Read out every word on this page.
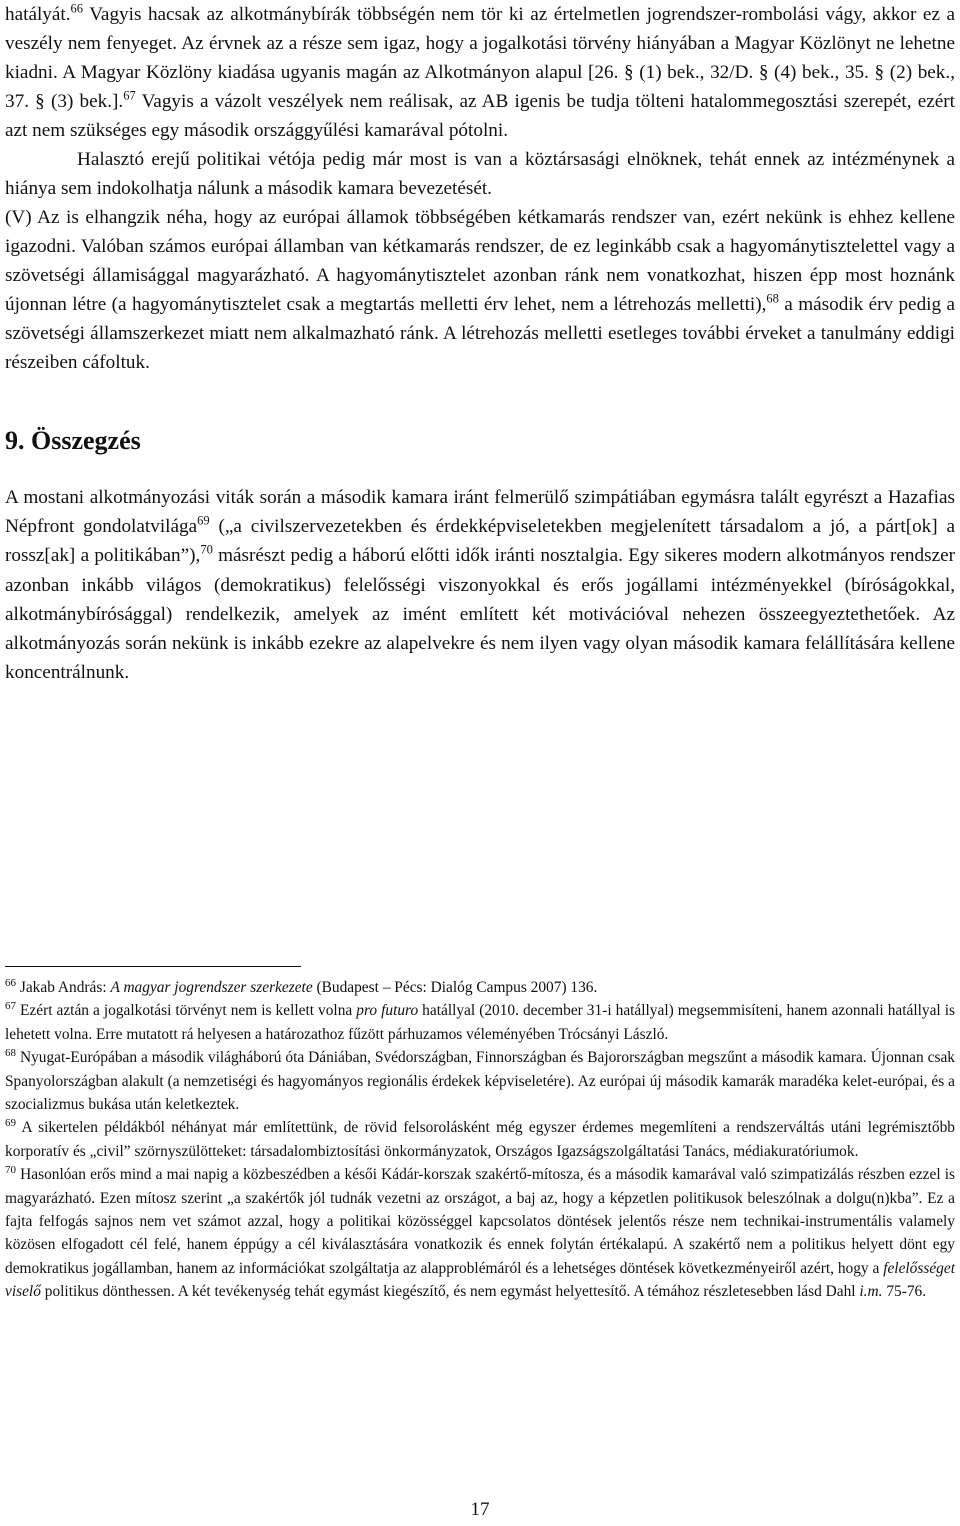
hatályát.$^{66}$ Vagyis hacsak az alkotmánybírák többségén nem tör ki az értelmetlen jogrendszer-rombolási vágy, akkor ez a veszély nem fenyeget. Az érvnek az a része sem igaz, hogy a jogalkotási törvény hiányában a Magyar Közlönyt ne lehetne kiadni. A Magyar Közlöny kiadása ugyanis magán az Alkotmányon alapul [26. § (1) bek., 32/D. § (4) bek., 35. § (2) bek., 37. § (3) bek.].$^{67}$ Vagyis a vázolt veszélyek nem reálisak, az AB igenis be tudja tölteni hatalommegosztási szerepét, ezért azt nem szükséges egy második országgyűlési kamarával pótolni.

Halasztó erejű politikai vétója pedig már most is van a köztársasági elnöknek, tehát ennek az intézménynek a hiánya sem indokolhatja nálunk a második kamara bevezetését.

(V) Az is elhangzik néha, hogy az európai államok többségében kétkamarás rendszer van, ezért nekünk is ehhez kellene igazodni. Valóban számos európai államban van kétkamarás rendszer, de ez leginkább csak a hagyománytisztelettel vagy a szövetségi államisággal magyarázható. A hagyománytisztelet azonban ránk nem vonatkozhat, hiszen épp most hoznánk újonnan létre (a hagyománytisztelet csak a megtartás melletti érv lehet, nem a létrehozás melletti),$^{68}$ a második érv pedig a szövetségi államszerkezet miatt nem alkalmazható ránk. A létrehozás melletti esetleges további érveket a tanulmány eddigi részeiben cáfoltuk.

9. Összegzés

A mostani alkotmányozási viták során a második kamara iránt felmerülő szimpátiában egymásra talált egyrészt a Hazafias Népfront gondolatvilága$^{69}$ („a civilszervezetekben és érdekképviseletekben megjelenített társadalom a jó, a párt[ok] a rossz[ak] a politikában”),$^{70}$ másrészt pedig a háború előtti idők iránti nosztalgia. Egy sikeres modern alkotmányos rendszer azonban inkább világos (demokratikus) felelősségi viszonyokkal és erős jogállami intézményekkel (bíróságokkal, alkotmánybírósággal) rendelkezik, amelyek az imént említett két motivációval nehezen összeegyeztethetőek. Az alkotmányozás során nekünk is inkább ezekre az alapelvekre és nem ilyen vagy olyan második kamara felállítására kellene koncentrálnunk.

$^{66}$ Jakab András: A magyar jogrendszer szerkezete (Budapest – Pécs: Dialóg Campus 2007) 136.

$^{67}$ Ezért aztán a jogalkotási törvényt nem is kellett volna pro futuro hatállyal (2010. december 31-i hatállyal) megsemmisíteni, hanem azonnali hatállyal is lehetett volna. Erre mutatott rá helyesen a határozathoz fűzött párhuzamos véleményében Trócsányi László.

$^{68}$ Nyugat-Európában a második világháború óta Dániában, Svédországban, Finnországban és Bajorországban megszűnt a második kamara. Újonnan csak Spanyolországban alakult (a nemzetiségi és hagyományos regionális érdekek képviseletére). Az európai új második kamarák maradéka kelet-európai, és a szocializmus bukása után keletkeztek.

$^{69}$ A sikertelen példákból néhányat már említettünk, de rövid felsorolásként még egyszer érdemes megemlíteni a rendszerváltás utáni legrémisztőbb korporatív és „civil” szörnyszülötteket: társadalombiztosítási önkormányzatok, Országos Igazságszolgáltatási Tanács, médiakuratóriumok.

$^{70}$ Hasonlóan erős mind a mai napig a közbeszédben a késői Kádár-korszak szakértő-mítosza, és a második kamarával való szimpatizálás részben ezzel is magyarázható. Ezen mítosz szerint „a szakértők jól tudnák vezetni az országot, a baj az, hogy a képzetlen politikusok beleszólnak a dolgu(n)kba”. Ez a fajta felfogás sajnos nem vet számot azzal, hogy a politikai közösséggel kapcsolatos döntések jelentős része nem technikai-instrumentális valamely közösen elfogadott cél felé, hanem éppúgy a cél kiválasztására vonatkozik és ennek folytán értékalapú. A szakértő nem a politikus helyett dönt egy demokratikus jogállamban, hanem az információkat szolgáltatja az alapproblémáról és a lehetséges döntések következményeiről azért, hogy a felelősséget viselő politikus dönthessen. A két tevékenység tehát egymást kiegészítő, és nem egymást helyettesítő. A témához részletesebben lásd Dahl i.m. 75-76.

17
